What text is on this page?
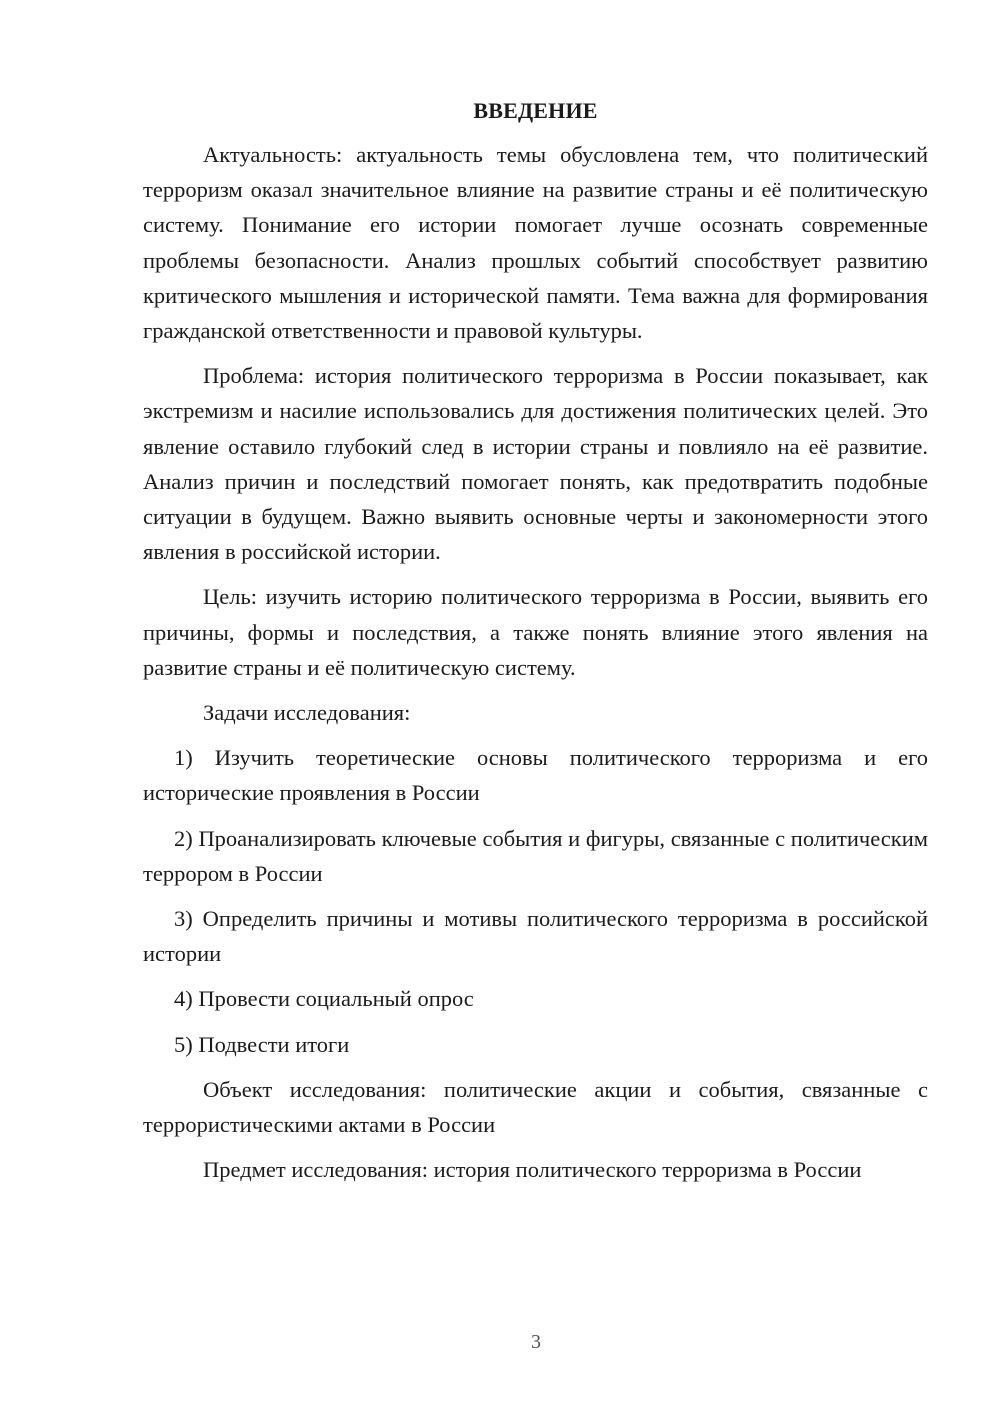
ВВЕДЕНИЕ

Актуальность: актуальность темы обусловлена тем, что политический терроризм оказал значительное влияние на развитие страны и её политическую систему. Понимание его истории помогает лучше осознать современные проблемы безопасности. Анализ прошлых событий способствует развитию критического мышления и исторической памяти. Тема важна для формирования гражданской ответственности и правовой культуры.

Проблема: история политического терроризма в России показывает, как экстремизм и насилие использовались для достижения политических целей. Это явление оставило глубокий след в истории страны и повлияло на её развитие. Анализ причин и последствий помогает понять, как предотвратить подобные ситуации в будущем. Важно выявить основные черты и закономерности этого явления в российской истории.

Цель: изучить историю политического терроризма в России, выявить его причины, формы и последствия, а также понять влияние этого явления на развитие страны и её политическую систему.

Задачи исследования:

1) Изучить теоретические основы политического терроризма и его исторические проявления в России

2) Проанализировать ключевые события и фигуры, связанные с политическим террором в России

3) Определить причины и мотивы политического терроризма в российской истории

4) Провести социальный опрос

5) Подвести итоги

Объект исследования: политические акции и события, связанные с террористическими актами в России

Предмет исследования: история политического терроризма в России

3
